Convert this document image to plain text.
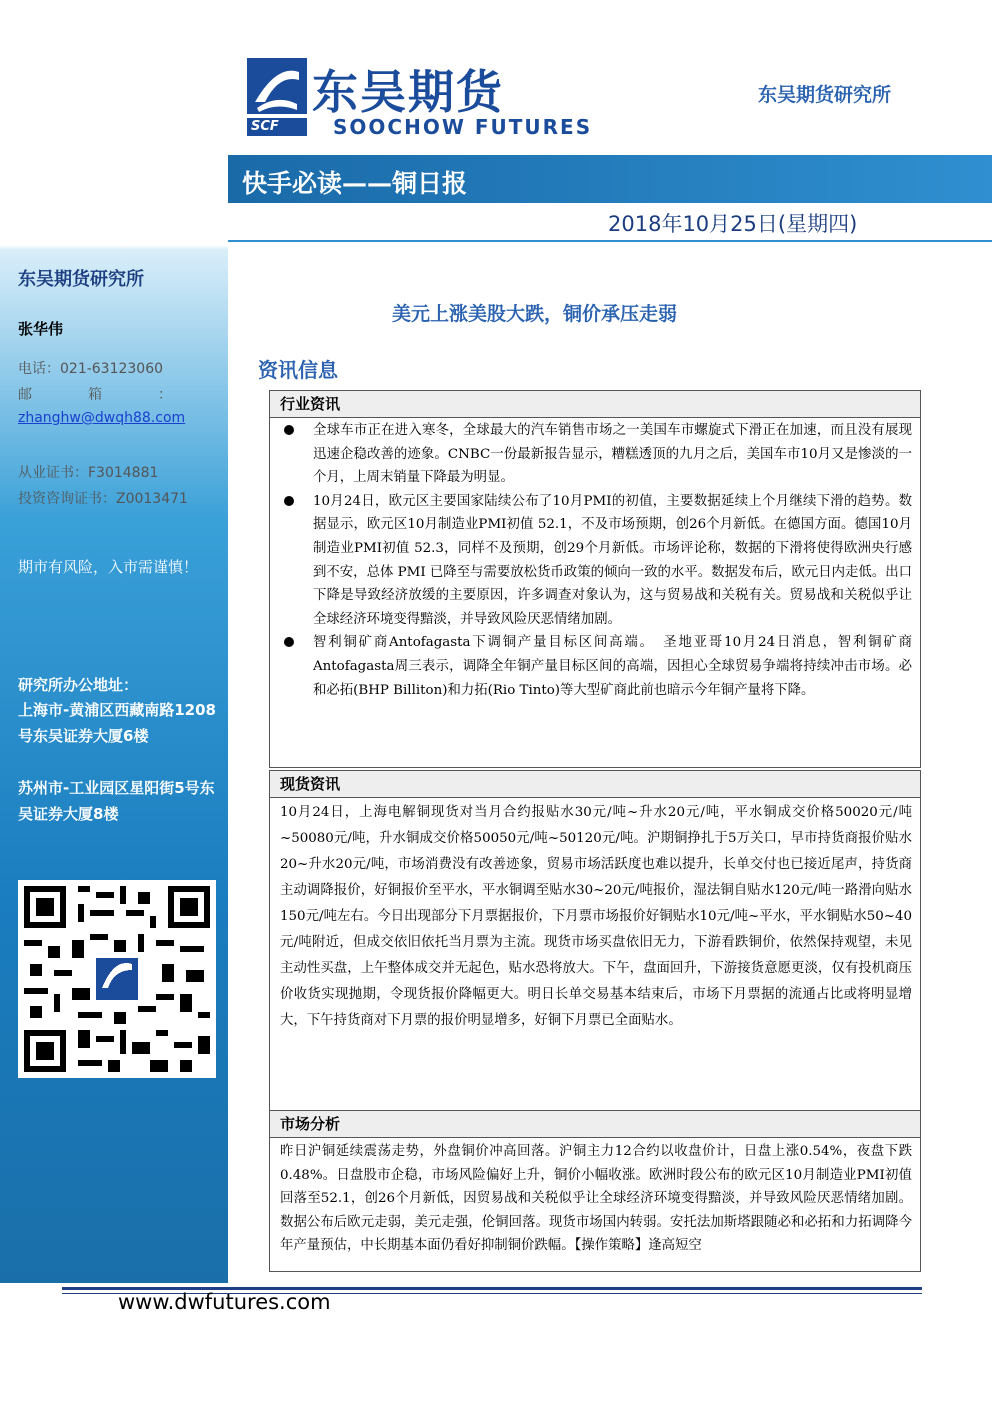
东吴期货
SOOCHOW FUTURES
SCF
东吴期货研究所
快手必读——铜日报
2018年10月25日(星期四)
东吴期货研究所
张华伟
电话：021-63123060
邮　　　　箱　　　　：
zhanghw@dwqh88.com
从业证书：F3014881
投资咨询证书：Z0013471
期市有风险，入市需谨慎！
研究所办公地址：
上海市-黄浦区西藏南路1208号东吴证券大厦6楼
苏州市-工业园区星阳街5号东吴证券大厦8楼
美元上涨美股大跌，铜价承压走弱
资讯信息
行业资讯
全球车市正在进入寒冬，全球最大的汽车销售市场之一美国车市螺旋式下滑正在加速，而且没有展现迅速企稳改善的迹象。CNBC一份最新报告显示，糟糕透顶的九月之后，美国车市10月又是惨淡的一个月，上周末销量下降最为明显。
10月24日，欧元区主要国家陆续公布了10月PMI的初值，主要数据延续上个月继续下滑的趋势。数据显示，欧元区10月制造业PMI初值 52.1，不及市场预期，创26个月新低。在德国方面。德国10月制造业PMI初值 52.3，同样不及预期，创29个月新低。市场评论称，数据的下滑将使得欧洲央行感到不安，总体 PMI 已降至与需要放松货币政策的倾向一致的水平。数据发布后，欧元日内走低。出口下降是导致经济放缓的主要原因，许多调查对象认为，这与贸易战和关税有关。贸易战和关税似乎让全球经济环境变得黯淡，并导致风险厌恶情绪加剧。
智利铜矿商Antofagasta下调铜产量目标区间高端。　圣地亚哥10月24日消息，智利铜矿商Antofagasta周三表示，调降全年铜产量目标区间的高端，因担心全球贸易争端将持续冲击市场。必和必拓(BHP Billiton)和力拓(Rio Tinto)等大型矿商此前也暗示今年铜产量将下降。
现货资讯
10月24日，上海电解铜现货对当月合约报贴水30元/吨~升水20元/吨，平水铜成交价格50020元/吨~50080元/吨，升水铜成交价格50050元/吨~50120元/吨。沪期铜挣扎于5万关口，早市持货商报价贴水20~升水20元/吨，市场消费没有改善迹象，贸易市场活跃度也难以提升，长单交付也已接近尾声，持货商主动调降报价，好铜报价至平水，平水铜调至贴水30~20元/吨报价，湿法铜自贴水120元/吨一路滑向贴水150元/吨左右。今日出现部分下月票据报价，下月票市场报价好铜贴水10元/吨~平水，平水铜贴水50~40元/吨附近，但成交依旧依托当月票为主流。现货市场买盘依旧无力，下游看跌铜价，依然保持观望，未见主动性买盘，上午整体成交并无起色，贴水恐将放大。下午，盘面回升，下游接货意愿更淡，仅有投机商压价收货实现抛期，令现货报价降幅更大。明日长单交易基本结束后，市场下月票据的流通占比或将明显增大，下午持货商对下月票的报价明显增多，好铜下月票已全面贴水。
市场分析
昨日沪铜延续震荡走势，外盘铜价冲高回落。沪铜主力12合约以收盘价计，日盘上涨0.54%，夜盘下跌0.48%。日盘股市企稳，市场风险偏好上升，铜价小幅收涨。欧洲时段公布的欧元区10月制造业PMI初值回落至52.1，创26个月新低，因贸易战和关税似乎让全球经济环境变得黯淡，并导致风险厌恶情绪加剧。数据公布后欧元走弱，美元走强，伦铜回落。现货市场国内转弱。安托法加斯塔跟随必和必拓和力拓调降今年产量预估，中长期基本面仍看好抑制铜价跌幅。【操作策略】逢高短空
www.dwfutures.com
